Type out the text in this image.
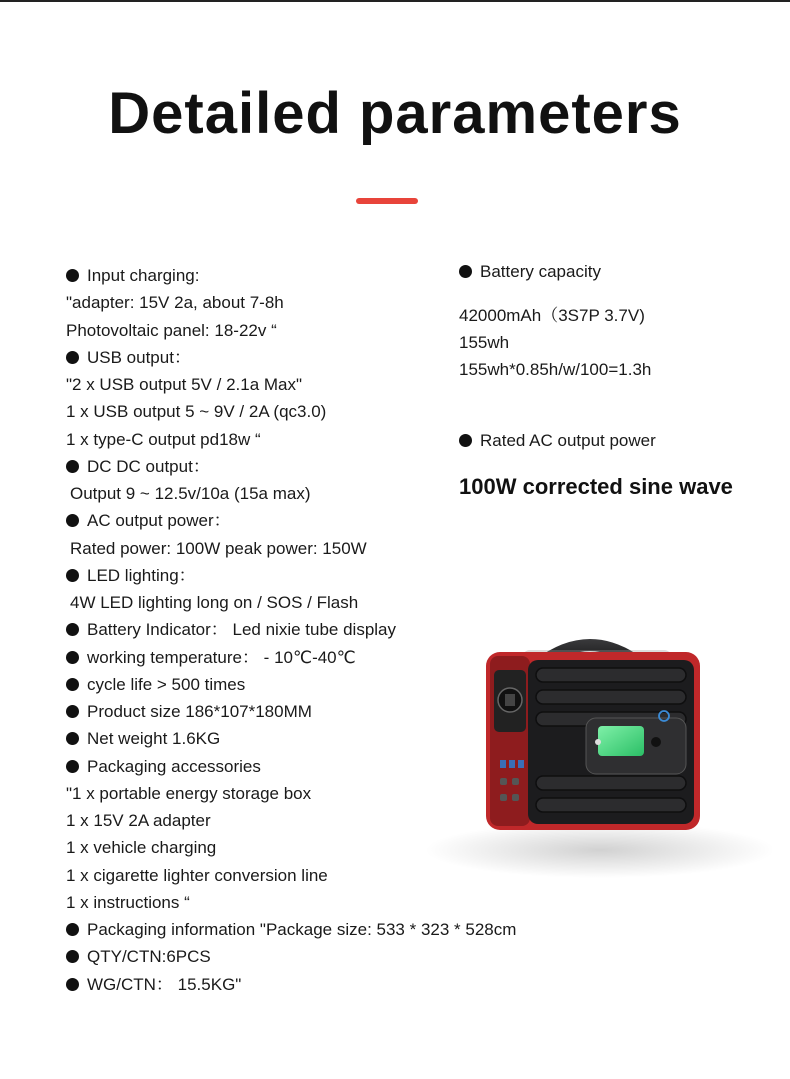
Detailed parameters
Input charging:
"adapter: 15V 2a, about 7-8h
Photovoltaic panel: 18-22v “
USB output：
"2 x USB output 5V / 2.1a Max"
1 x USB output 5 ~ 9V / 2A (qc3.0)
1 x type-C output pd18w “
DC DC output：
Output 9 ~ 12.5v/10a (15a max)
AC output power：
Rated power: 100W peak power: 150W
LED lighting：
4W LED lighting long on / SOS / Flash
Battery Indicator： Led nixie tube display
working temperature： - 10℃-40℃
cycle life > 500 times
Product size 186*107*180MM
Net weight 1.6KG
Packaging accessories
"1 x portable energy storage box
1 x 15V 2A adapter
1 x vehicle charging
1 x cigarette lighter conversion line
1 x instructions “
Packaging information "Package size: 533 * 323 * 528cm
QTY/CTN:6PCS
WG/CTN： 15.5KG"
Battery capacity
42000mAh（3S7P 3.7V)
155wh
155wh*0.85h/w/100=1.3h
Rated AC output power
100W corrected sine wave
